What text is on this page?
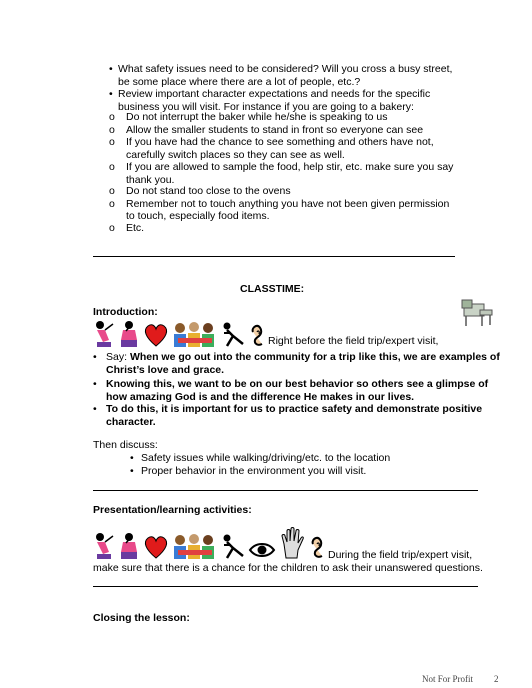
• What safety issues need to be considered? Will you cross a busy street,
be some place where there are a lot of people, etc.?
• Review important character expectations and needs for the specific
business you will visit. For instance if you are going to a bakery:
o Do not interrupt the baker while he/she is speaking to us
o Allow the smaller students to stand in front so everyone can see
o If you have had the chance to see something and others have not,
carefully switch places so they can see as well.
o If you are allowed to sample the food, help stir, etc. make sure you say
thank you.
o Do not stand too close to the ovens
o Remember not to touch anything you have not been given permission
to touch, especially food items.
o Etc.
CLASSTIME:
Introduction:
Right before the field trip/expert visit,
• Say: When we go out into the community for a trip like this, we are examples of
Christ’s love and grace.
• Knowing this, we want to be on our best behavior so others see a glimpse of
how amazing God is and the difference He makes in our lives.
• To do this, it is important for us to practice safety and demonstrate positive
character.
Then discuss:
• Safety issues while walking/driving/etc. to the location
• Proper behavior in the environment you will visit.
Presentation/learning activities:
During the field trip/expert visit,
make sure that there is a chance for the children to ask their unanswered questions.
Closing the lesson:
Not For Profit 2
